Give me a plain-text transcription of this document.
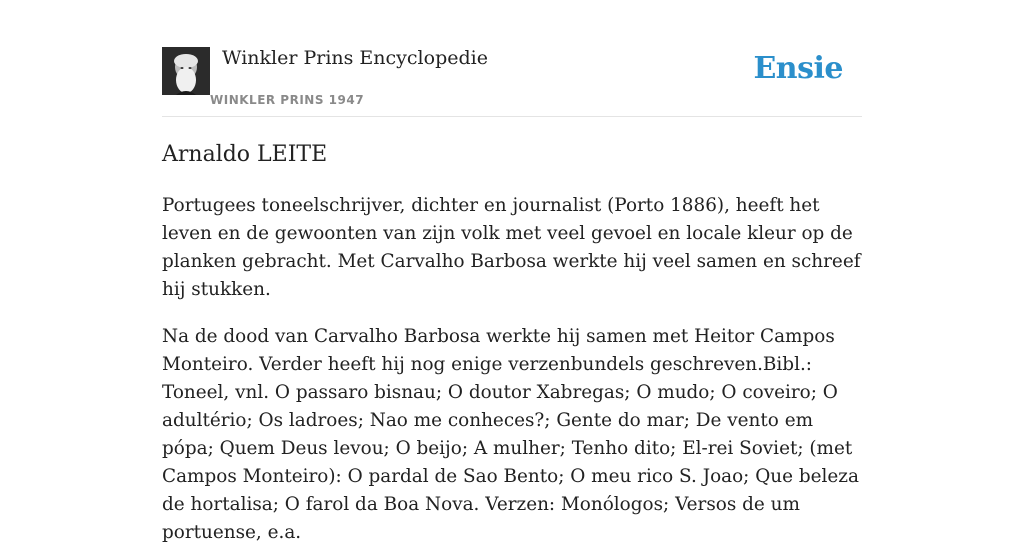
Winkler Prins Encyclopedie
WINKLER PRINS 1947
Ensie
Arnaldo LEITE

Portugees toneelschrijver, dichter en journalist (Porto 1886), heeft het leven en de gewoonten van zijn volk met veel gevoel en locale kleur op de planken gebracht. Met Carvalho Barbosa werkte hij veel samen en schreef hij stukken.

Na de dood van Carvalho Barbosa werkte hij samen met Heitor Campos Monteiro. Verder heeft hij nog enige verzenbundels geschreven.Bibl.: Toneel, vnl. O passaro bisnau; O doutor Xabregas; O mudo; O coveiro; O adultério; Os ladroes; Nao me conheces?; Gente do mar; De vento em pópa; Quem Deus levou; O beijo; A mulher; Tenho dito; El-rei Soviet; (met Campos Monteiro): O pardal de Sao Bento; O meu rico S. Joao; Que beleza de hortalisa; O farol da Boa Nova. Verzen: Monólogos; Versos de um portuense, e.a.
